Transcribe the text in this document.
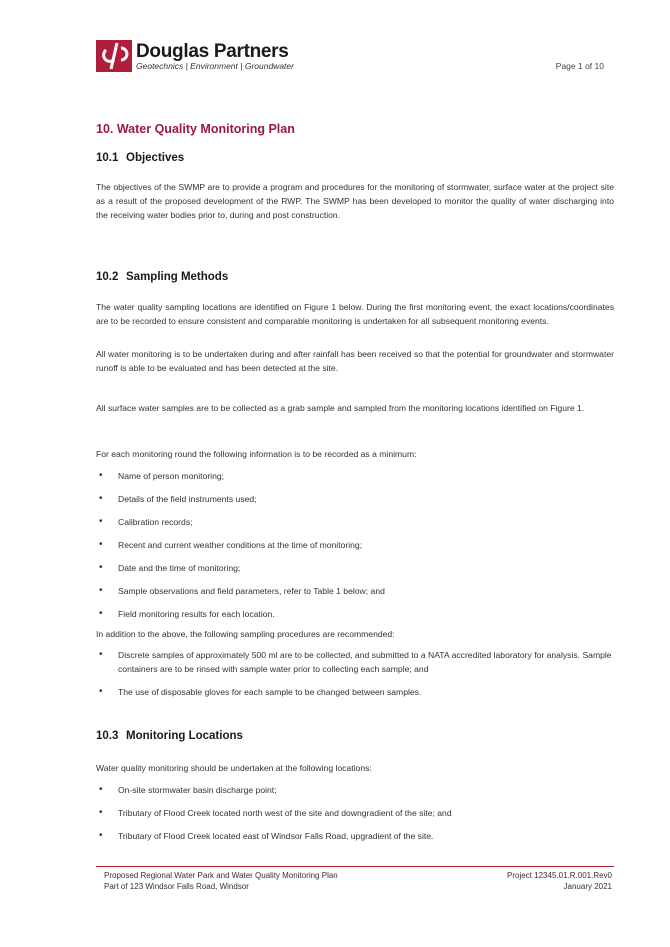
Douglas Partners
Geotechnics | Environment | Groundwater	Page 1 of 10
10. Water Quality Monitoring Plan
10.1 Objectives
The objectives of the SWMP are to provide a program and procedures for the monitoring of stormwater, surface water at the project site as a result of the proposed development of the RWP. The SWMP has been developed to monitor the quality of water discharging into the receiving water bodies prior to, during and post construction.
10.2 Sampling Methods
The water quality sampling locations are identified on Figure 1 below. During the first monitoring event, the exact locations/coordinates are to be recorded to ensure consistent and comparable monitoring is undertaken for all subsequent monitoring events.
All water monitoring is to be undertaken during and after rainfall has been received so that the potential for groundwater and stormwater runoff is able to be evaluated and has been detected at the site.
All surface water samples are to be collected as a grab sample and sampled from the monitoring locations identified on Figure 1.
For each monitoring round the following information is to be recorded as a minimum:
• Name of person monitoring;
• Details of the field instruments used;
• Calibration records;
• Recent and current weather conditions at the time of monitoring;
• Date and the time of monitoring;
• Sample observations and field parameters, refer to Table 1 below; and
• Field monitoring results for each location.
In addition to the above, the following sampling procedures are recommended:
• Discrete samples of approximately 500 ml are to be collected, and submitted to a NATA accredited laboratory for analysis. Sample containers are to be rinsed with sample water prior to collecting each sample; and
• The use of disposable gloves for each sample to be changed between samples.
10.3 Monitoring Locations
Water quality monitoring should be undertaken at the following locations:
• On-site stormwater basin discharge point;
• Tributary of Flood Creek located north west of the site and downgradient of the site; and
• Tributary of Flood Creek located east of Windsor Falls Road, upgradient of the site.
Proposed Regional Water Park and Water Quality Monitoring Plan
Part of 123 Windsor Falls Road, Windsor
Project 12345.01.R.001.Rev0
January 2021
